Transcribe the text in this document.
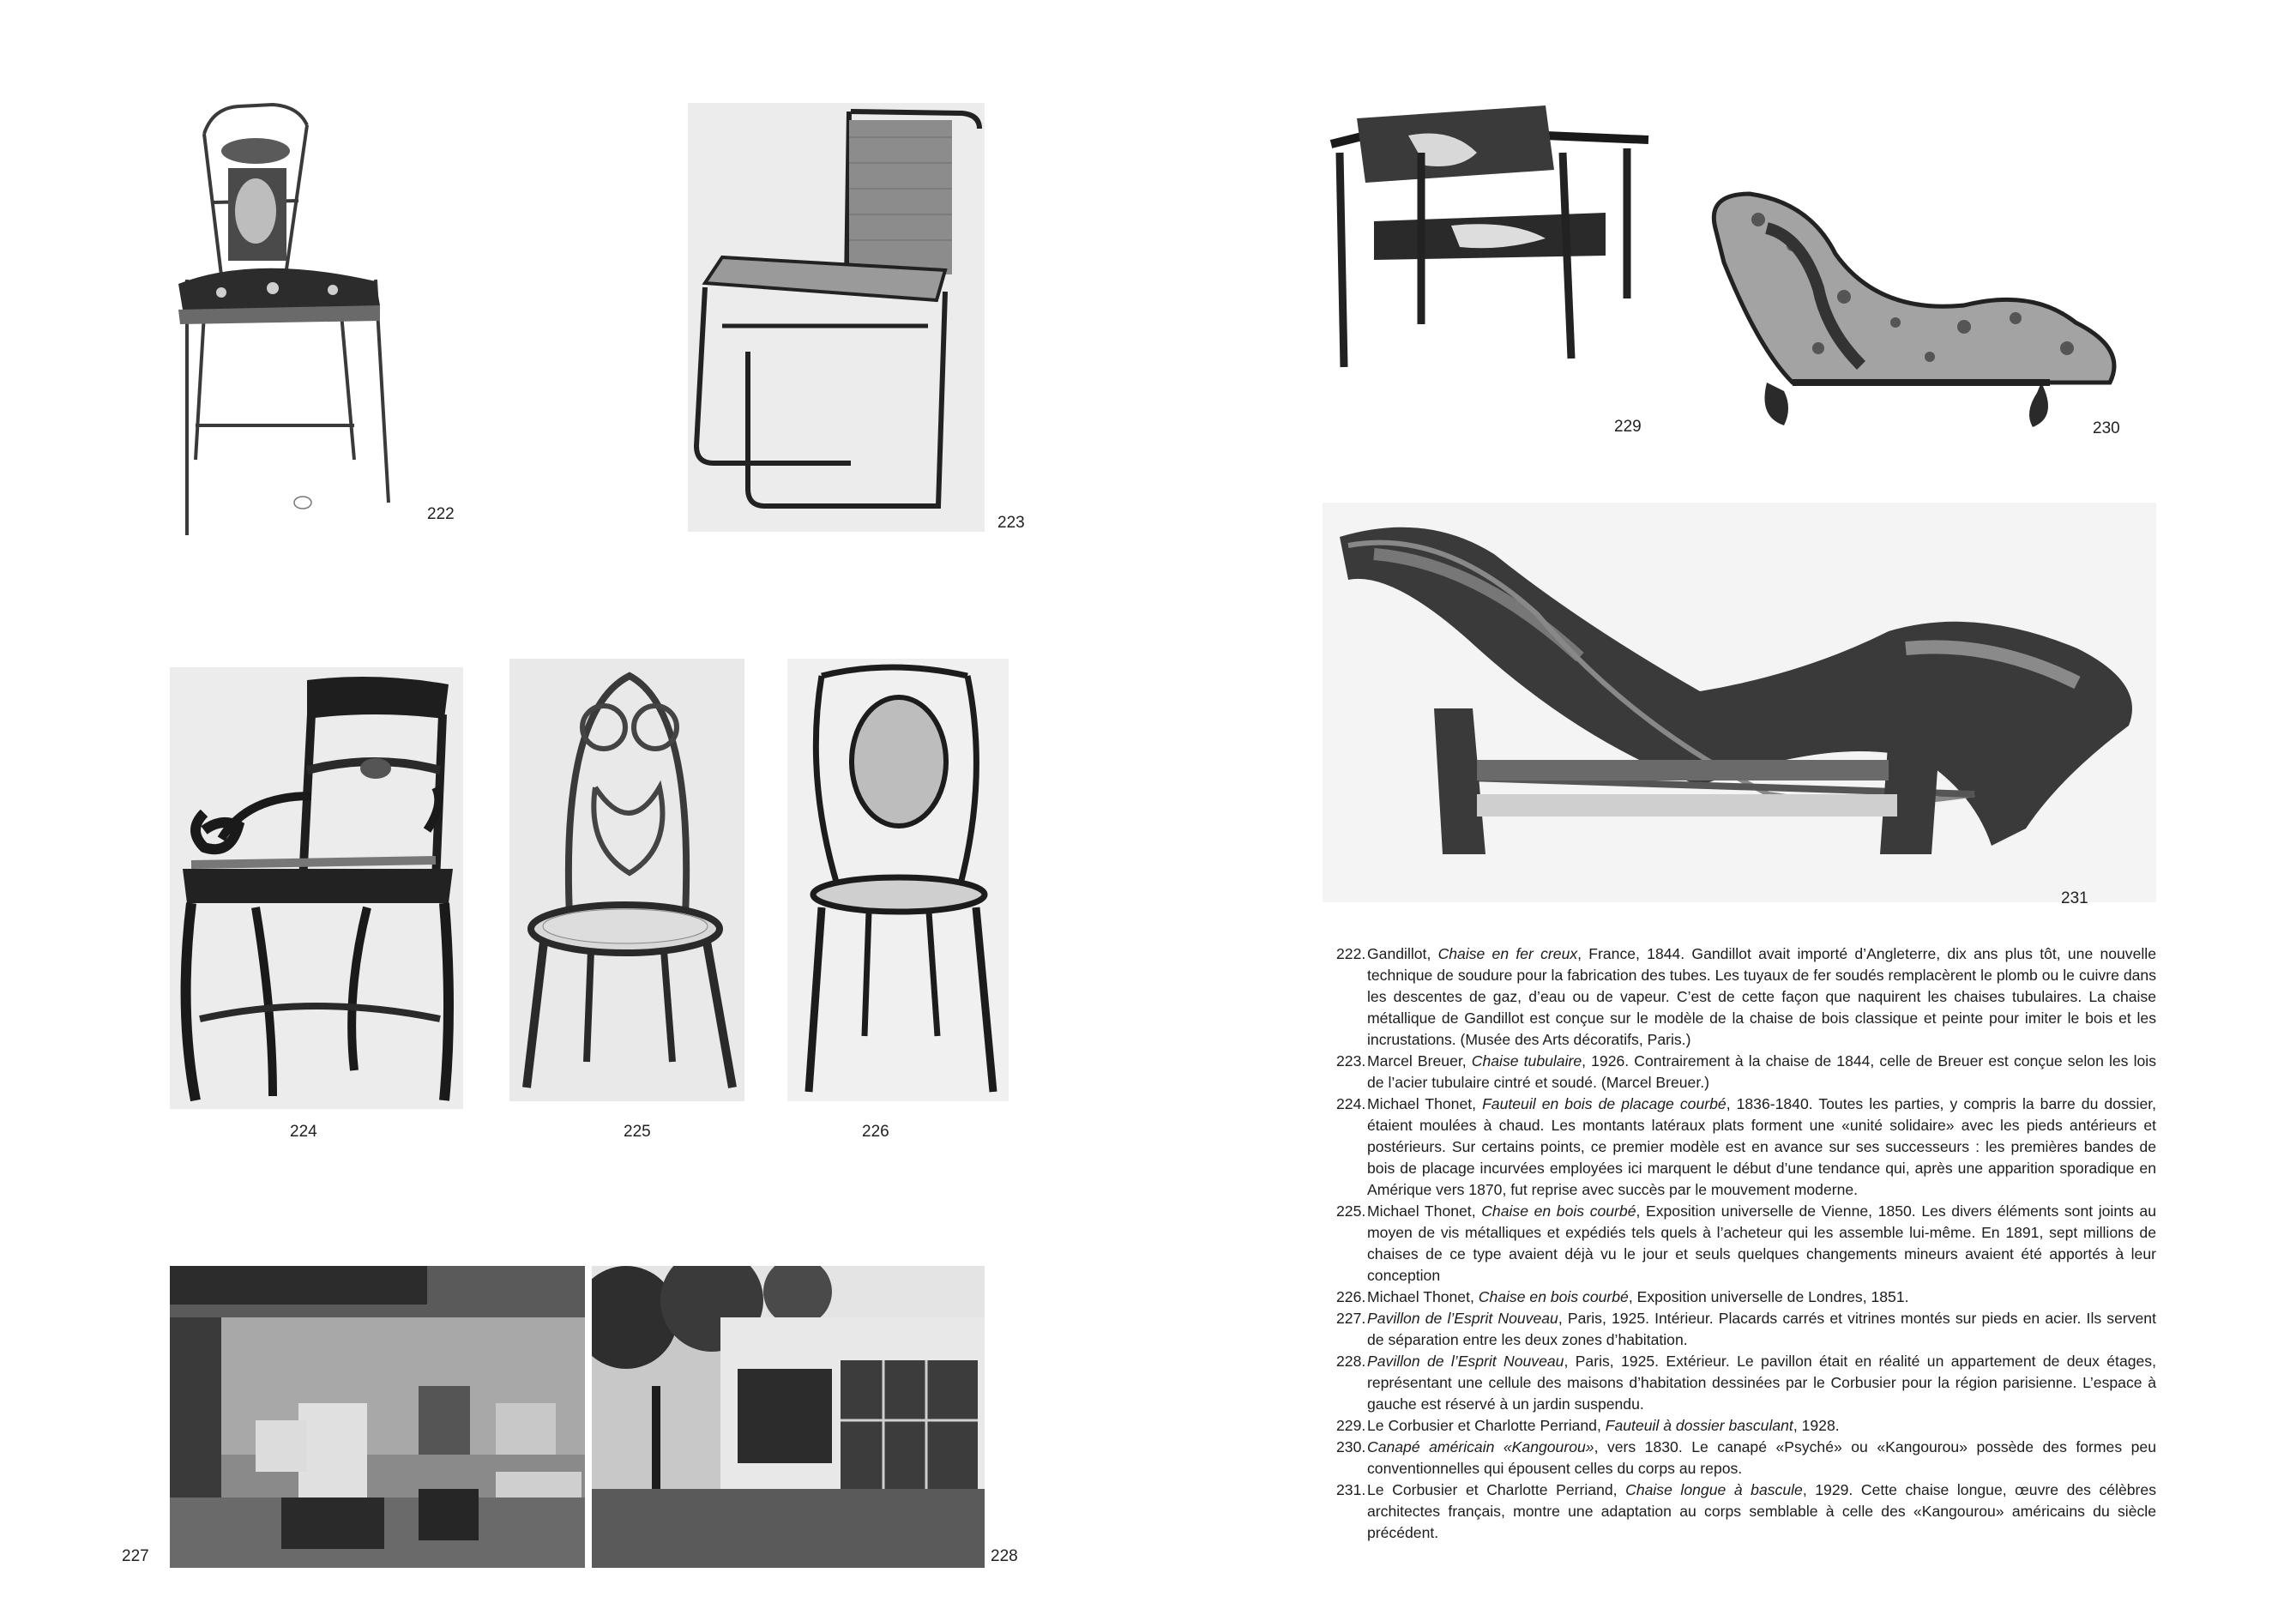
222	223
224	225	226
227	228
229	230
231

222. Gandillot, Chaise en fer creux, France, 1844. Gandillot avait importé d’Angleterre, dix ans plus tôt, une nouvelle technique de soudure pour la fabrication des tubes. Les tuyaux de fer soudés remplacèrent le plomb ou le cuivre dans les descentes de gaz, d’eau ou de vapeur. C’est de cette façon que naquirent les chaises tubulaires. La chaise métallique de Gandillot est conçue sur le modèle de la chaise de bois classique et peinte pour imiter le bois et les incrustations. (Musée des Arts décoratifs, Paris.)

223. Marcel Breuer, Chaise tubulaire, 1926. Contrairement à la chaise de 1844, celle de Breuer est conçue selon les lois de l’acier tubulaire cintré et soudé. (Marcel Breuer.)

224. Michael Thonet, Fauteuil en bois de placage courbé, 1836-1840. Toutes les parties, y compris la barre du dossier, étaient moulées à chaud. Les montants latéraux plats forment une «unité solidaire» avec les pieds antérieurs et postérieurs. Sur certains points, ce premier modèle est en avance sur ses successeurs : les premières bandes de bois de placage incurvées employées ici marquent le début d’une tendance qui, après une apparition sporadique en Amérique vers 1870, fut reprise avec succès par le mouvement moderne.

225. Michael Thonet, Chaise en bois courbé, Exposition universelle de Vienne, 1850. Les divers éléments sont joints au moyen de vis métalliques et expédiés tels quels à l’acheteur qui les assemble lui-même. En 1891, sept millions de chaises de ce type avaient déjà vu le jour et seuls quelques changements mineurs avaient été apportés à leur conception

226. Michael Thonet, Chaise en bois courbé, Exposition universelle de Londres, 1851.

227. Pavillon de l’Esprit Nouveau, Paris, 1925. Intérieur. Placards carrés et vitrines montés sur pieds en acier. Ils servent de séparation entre les deux zones d’habitation.

228. Pavillon de l’Esprit Nouveau, Paris, 1925. Extérieur. Le pavillon était en réalité un appartement de deux étages, représentant une cellule des maisons d’habitation dessinées par le Corbusier pour la région parisienne. L’espace à gauche est réservé à un jardin suspendu.

229. Le Corbusier et Charlotte Perriand, Fauteuil à dossier basculant, 1928.

230. Canapé américain «Kangourou», vers 1830. Le canapé «Psyché» ou «Kangourou» possède des formes peu conventionnelles qui épousent celles du corps au repos.

231. Le Corbusier et Charlotte Perriand, Chaise longue à bascule, 1929. Cette chaise longue, œuvre des célèbres architectes français, montre une adaptation au corps semblable à celle des «Kangourou» américains du siècle précédent.
